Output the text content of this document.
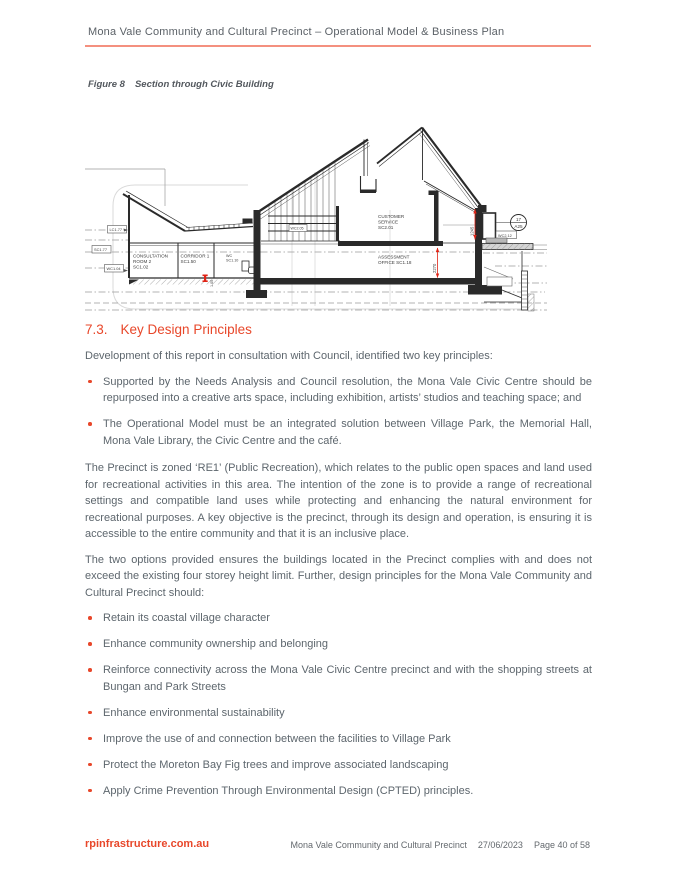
Mona Vale Community and Cultural Precinct – Operational Model & Business Plan
Figure 8 Section through Civic Building
CONSULTATION
ROOM 2
SC1.02
CORRIDOR 1
SC1.50
WC
SC1.10
LC1.77
SC1.77
WC1.04
WC2.05
CUSTOMER
SERVICE
SC2.01
ASSESSMENT
OFFICE SC1.18
17
A25
WC2.12
1.05
2270
1245
7.3. Key Design Principles

Development of this report in consultation with Council, identified two key principles:

Supported by the Needs Analysis and Council resolution, the Mona Vale Civic Centre should be repurposed into a creative arts space, including exhibition, artists’ studios and teaching space; and
The Operational Model must be an integrated solution between Village Park, the Memorial Hall, Mona Vale Library, the Civic Centre and the café.

The Precinct is zoned ‘RE1’ (Public Recreation), which relates to the public open spaces and land used for recreational activities in this area. The intention of the zone is to provide a range of recreational settings and compatible land uses while protecting and enhancing the natural environment for recreational purposes. A key objective is the precinct, through its design and operation, is ensuring it is accessible to the entire community and that it is an inclusive place.

The two options provided ensures the buildings located in the Precinct complies with and does not exceed the existing four storey height limit. Further, design principles for the Mona Vale Community and Cultural Precinct should:

Retain its coastal village character
Enhance community ownership and belonging
Reinforce connectivity across the Mona Vale Civic Centre precinct and with the shopping streets at Bungan and Park Streets
Enhance environmental sustainability
Improve the use of and connection between the facilities to Village Park
Protect the Moreton Bay Fig trees and improve associated landscaping
Apply Crime Prevention Through Environmental Design (CPTED) principles.
rpinfrastructure.com.au	Mona Vale Community and Cultural Precinct 27/06/2023 Page 40 of 58
